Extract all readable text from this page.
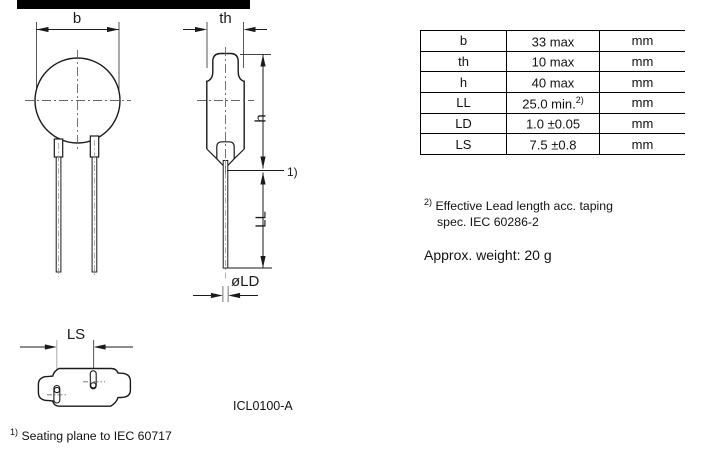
b	th
h
LL
1)
øLD
LS
ICL0100-A
b	33 max	mm
th	10 max	mm
h	40 max	mm
LL	25.0 min.$^{2)}$	mm
LD	1.0 ±0.05	mm
LS	7.5 ±0.8	mm
$^{2)}$ Effective Lead length acc. taping
spec. IEC 60286-2
Approx. weight: 20 g
$^{1)}$ Seating plane to IEC 60717
